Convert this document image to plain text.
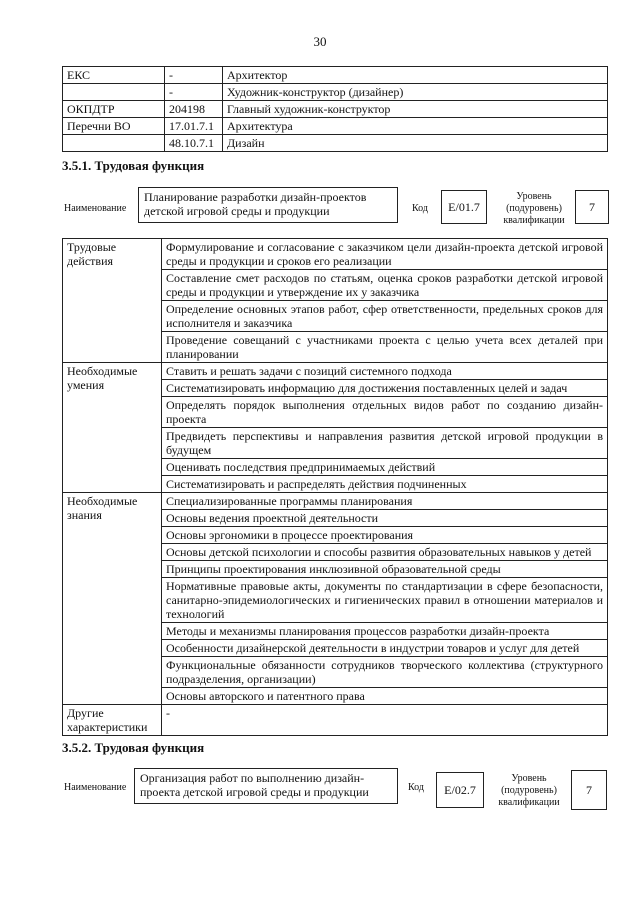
30
ЕКС	-	Архитектор
	-	Художник-конструктор (дизайнер)
ОКПДТР	204198	Главный художник-конструктор
Перечни ВО	17.01.7.1	Архитектура
	48.10.7.1	Дизайн
3.5.1. Трудовая функция
Наименование
Планирование разработки дизайн-проектов детской игровой среды и продукции	Код	E/01.7
Уровень
(подуровень)
квалификации
7
Трудовые действия	Формулирование и согласование с заказчиком цели дизайн-проекта детской игровой среды и продукции и сроков его реализации
	Составление смет расходов по статьям, оценка сроков разработки детской игровой среды и продукции и утверждение их у заказчика
	Определение основных этапов работ, сфер ответственности, предельных сроков для исполнителя и заказчика
	Проведение совещаний с участниками проекта с целью учета всех деталей при планировании
Необходимые умения	Ставить и решать задачи с позиций системного подхода
	Систематизировать информацию для достижения поставленных целей и задач
	Определять порядок выполнения отдельных видов работ по созданию дизайн-проекта
	Предвидеть перспективы и направления развития детской игровой продукции в будущем
	Оценивать последствия предпринимаемых действий
	Систематизировать и распределять действия подчиненных
Необходимые знания	Специализированные программы планирования
	Основы ведения проектной деятельности
	Основы эргономики в процессе проектирования
	Основы детской психологии и способы развития образовательных навыков у детей
	Принципы проектирования инклюзивной образовательной среды
	Нормативные правовые акты, документы по стандартизации в сфере безопасности, санитарно-эпидемиологических и гигиенических правил в отношении материалов и технологий
	Методы и механизмы планирования процессов разработки дизайн-проекта
	Особенности дизайнерской деятельности в индустрии товаров и услуг для детей
	Функциональные обязанности сотрудников творческого коллектива (структурного подразделения, организации)
	Основы авторского и патентного права
Другие характеристики	-
3.5.2. Трудовая функция
Наименование
Организация работ по выполнению дизайн-проекта детской игровой среды и продукции	Код	E/02.7
Уровень
(подуровень)
квалификации
7
